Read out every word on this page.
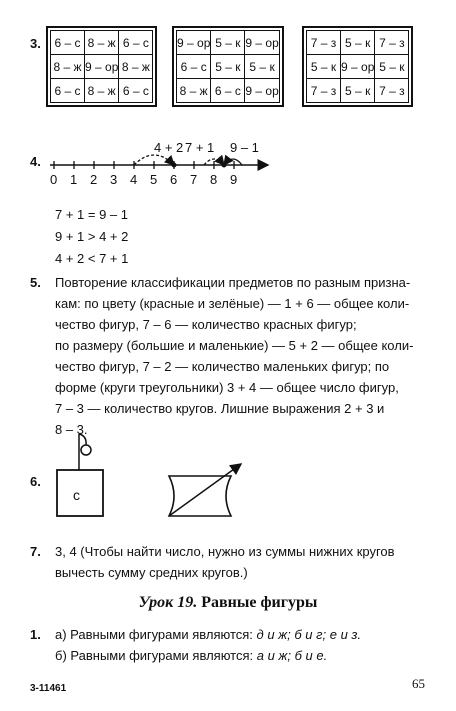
3. 6 – с	8 – ж	6 – с
8 – ж	9 – ор	8 – ж
6 – с	8 – ж	6 – с
9 – ор	5 – к	9 – ор
6 – с	5 – к	5 – к
8 – ж	6 – с	9 – ор
7 – з	5 – к	7 – з
5 – к	9 – ор	5 – к
7 – з	5 – к	7 – з
4.
4 + 2 7 + 1 9 – 1
0 1 2 3 4 5 6 7 8 9
7 + 1 = 9 – 1
9 + 1 > 4 + 2
4 + 2 < 7 + 1
5. Повторение классификации предметов по разным призна-
кам: по цвету (красные и зелёные) — 1 + 6 — общее коли-
чество фигур, 7 – 6 — количество красных фигур;
по размеру (большие и маленькие) — 5 + 2 — общее коли-
чество фигур, 7 – 2 — количество маленьких фигур; по
форме (круги треугольники) 3 + 4 — общее число фигур,
7 – 3 — количество кругов. Лишние выражения 2 + 3 и
8 – 3.
6.
с
7. 3, 4 (Чтобы найти число, нужно из суммы нижних кругов
вычесть сумму средних кругов.)
Урок 19. Равные фигуры
1. а) Равными фигурами являются: д и ж; б и г; е и з.
б) Равными фигурами являются: а и ж; б и е.
3-11461	65
